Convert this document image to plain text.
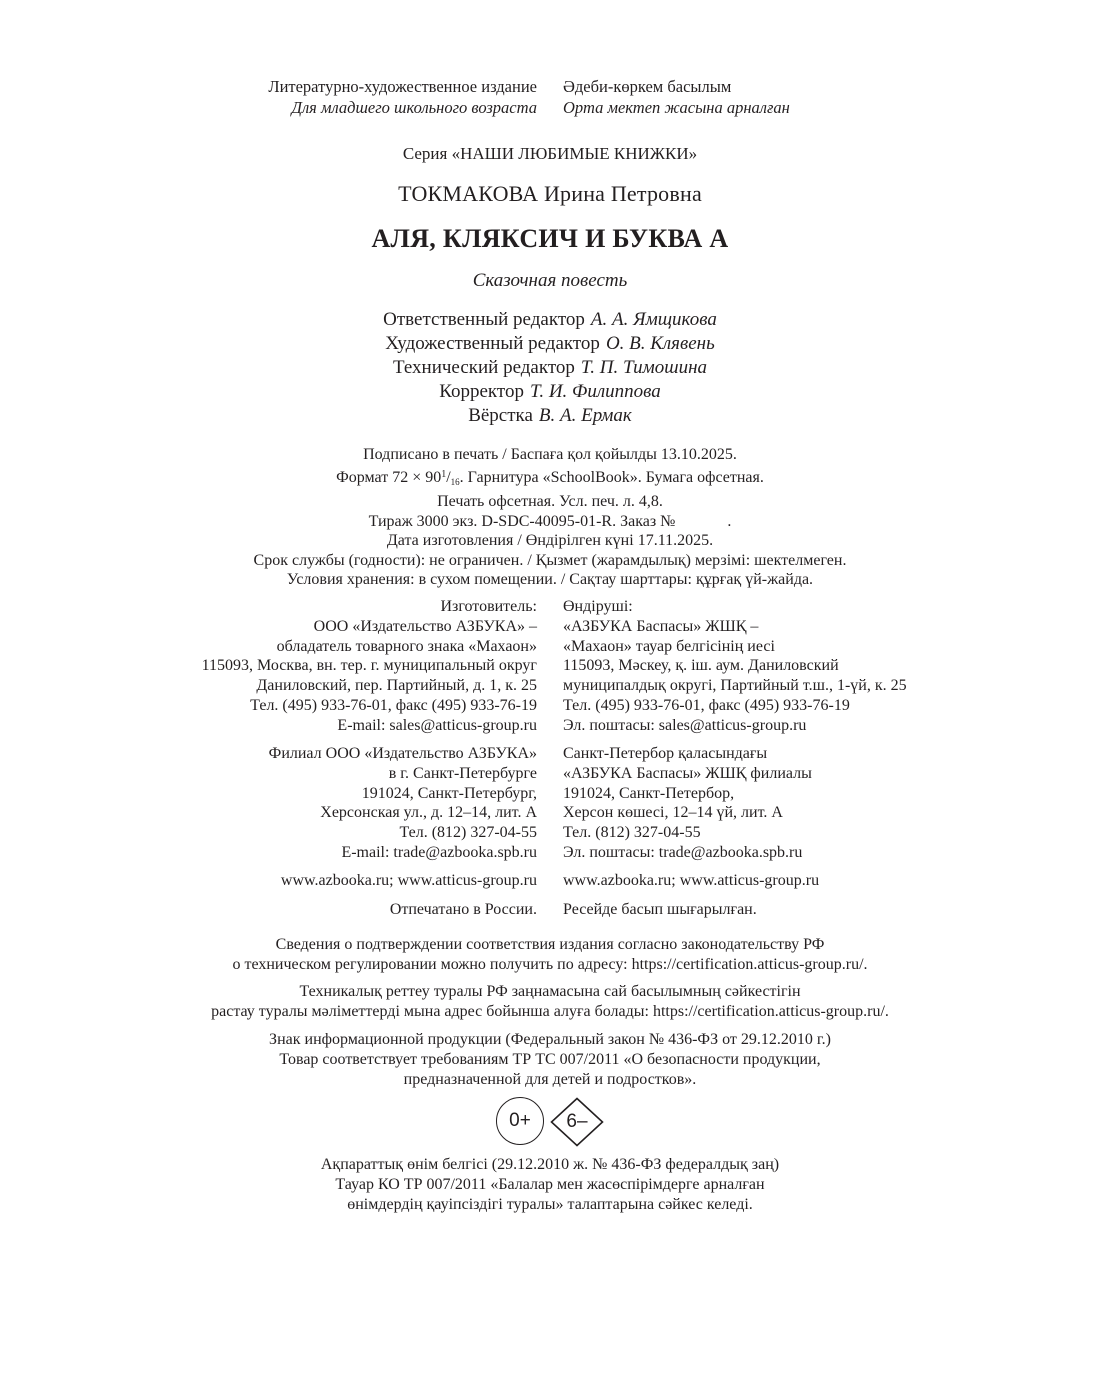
Литературно-художественное издание
Для младшего школьного возраста
Әдеби-көркем басылым
Орта мектеп жасына арналған
Серия «НАШИ ЛЮБИМЫЕ КНИЖКИ»
ТОКМАКОВА Ирина Петровна
АЛЯ, КЛЯКСИЧ И БУКВА А
Сказочная повесть
Ответственный редактор А. А. Ямщикова
Художественный редактор О. В. Клявень
Технический редактор Т. П. Тимошина
Корректор Т. И. Филиппова
Вёрстка В. А. Ермак
Подписано в печать / Баспаға қол қойылды 13.10.2025.
Формат $72 \times 90^1/_{16}$. Гарнитура «SchoolBook». Бумага офсетная.
Печать офсетная. Усл. печ. л. 4,8.
Тираж 3000 экз. D-SDC-40095-01-R. Заказ №             .
Дата изготовления / Өндірілген күні 17.11.2025.
Срок службы (годности): не ограничен. / Қызмет (жарамдылық) мерзімі: шектелмеген.
Условия хранения: в сухом помещении. / Сақтау шарттары: құрғақ үй-жайда.
Изготовитель:
ООО «Издательство АЗБУКА» –
обладатель товарного знака «Махаон»
115093, Москва, вн. тер. г. муниципальный округ
Даниловский, пер. Партийный, д. 1, к. 25
Тел. (495) 933-76-01, факс (495) 933-76-19
E-mail: sales@atticus-group.ru
Өндіруші:
«АЗБУКА Баспасы» ЖШҚ –
«Махаон» тауар белгісінің иесі
115093, Мәскеу, қ. іш. аум. Даниловский
муниципалдық округі, Партийный т.ш., 1-үй, к. 25
Тел. (495) 933-76-01, факс (495) 933-76-19
Эл. поштасы: sales@atticus-group.ru
Филиал ООО «Издательство АЗБУКА»
в г. Санкт-Петербурге
191024, Санкт-Петербург,
Херсонская ул., д. 12–14, лит. А
Тел. (812) 327-04-55
E-mail: trade@azbooka.spb.ru
Санкт-Петербор қаласындағы
«АЗБУКА Баспасы» ЖШҚ филиалы
191024, Санкт-Петербор,
Херсон көшесі, 12–14 үй, лит. А
Тел. (812) 327-04-55
Эл. поштасы: trade@azbooka.spb.ru
www.azbooka.ru; www.atticus-group.ru www.azbooka.ru; www.atticus-group.ru
Отпечатано в России. Ресейде басып шығарылған.
Сведения о подтверждении соответствия издания согласно законодательству РФ
о техническом регулировании можно получить по адресу: https://certification.atticus-group.ru/.
Техникалық реттеу туралы РФ заңнамасына сай басылымның сәйкестігін
растау туралы мәліметтерді мына адрес бойынша алуға болады: https://certification.atticus-group.ru/.
Знак информационной продукции (Федеральный закон № 436-ФЗ от 29.12.2010 г.)
Товар соответствует требованиям ТР ТС 007/2011 «О безопасности продукции,
предназначенной для детей и подростков».
0+	6–
Ақпараттық өнім белгісі (29.12.2010 ж. № 436-ФЗ федералдық заң)
Тауар КО ТР 007/2011 «Балалар мен жасөспірімдерге арналған
өнімдердің қауіпсіздігі туралы» талаптарына сәйкес келеді.
